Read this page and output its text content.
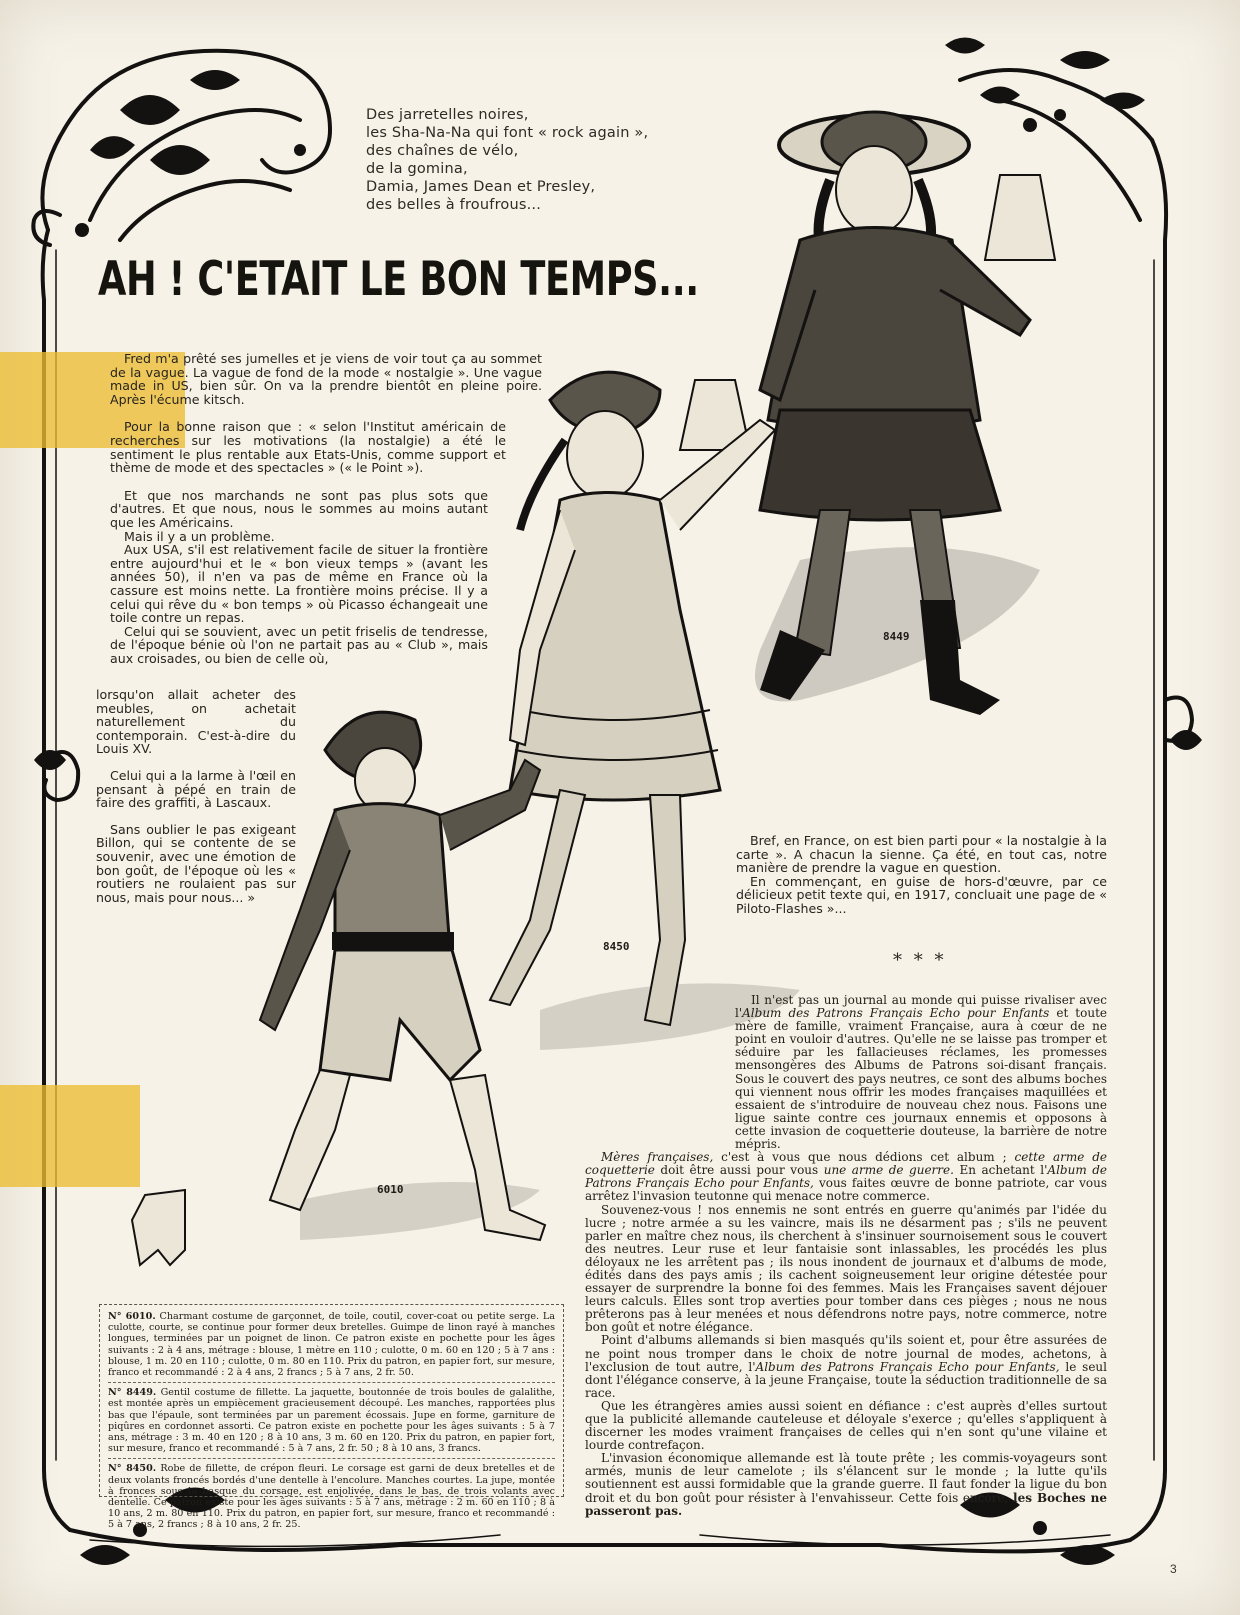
8449
8450
6010
Des jarretelles noires,
les Sha-Na-Na qui font « rock again »,
des chaînes de vélo,
de la gomina,
Damia, James Dean et Presley,
des belles à froufrous...
AH ! C'ETAIT LE BON TEMPS...

Fred m'a prêté ses jumelles et je viens de voir tout ça au sommet de la vague. La vague de fond de la mode « nostalgie ». Une vague made in US, bien sûr. On va la prendre bientôt en pleine poire. Après l'écume kitsch.

Pour la bonne raison que : « selon l'Institut américain de recherches sur les motivations (la nostalgie) a été le sentiment le plus rentable aux Etats-Unis, comme support et thème de mode et des spectacles » (« le Point »).

Et que nos marchands ne sont pas plus sots que d'autres. Et que nous, nous le sommes au moins autant que les Américains.

Mais il y a un problème.

Aux USA, s'il est relativement facile de situer la frontière entre aujourd'hui et le « bon vieux temps » (avant les années 50), il n'en va pas de même en France où la cassure est moins nette. La frontière moins précise. Il y a celui qui rêve du « bon temps » où Picasso échangeait une toile contre un repas.

Celui qui se souvient, avec un petit friselis de tendresse, de l'époque bénie où l'on ne partait pas au « Club », mais aux croisades, ou bien de celle où,

lorsqu'on allait acheter des meubles, on achetait naturellement du contemporain. C'est-à-dire du Louis XV.

Celui qui a la larme à l'œil en pensant à pépé en train de faire des graffiti, à Lascaux.

Sans oublier le pas exigeant Billon, qui se contente de se souvenir, avec une émotion de bon goût, de l'époque où les « routiers ne roulaient pas sur nous, mais pour nous... »

Bref, en France, on est bien parti pour « la nostalgie à la carte ». A chacun la sienne. Ça été, en tout cas, notre manière de prendre la vague en question.

En commençant, en guise de hors-d'œuvre, par ce délicieux petit texte qui, en 1917, concluait une page de « Piloto-Flashes »...

* * *

Il n'est pas un journal au monde qui puisse rivaliser avec l'Album des Patrons Français Echo pour Enfants et toute mère de famille, vraiment Française, aura à cœur de ne point en vouloir d'autres. Qu'elle ne se laisse pas tromper et séduire par les fallacieuses réclames, les promesses mensongères des Albums de Patrons soi-disant français. Sous le couvert des pays neutres, ce sont des albums boches qui viennent nous offrir les modes françaises maquillées et essaient de s'introduire de nouveau chez nous. Faisons une ligue sainte contre ces journaux ennemis et opposons à cette invasion de coquetterie douteuse, la barrière de notre mépris.

Mères françaises, c'est à vous que nous dédions cet album ; cette arme de coquetterie doit être aussi pour vous une arme de guerre. En achetant l'Album de Patrons Français Echo pour Enfants, vous faites œuvre de bonne patriote, car vous arrêtez l'invasion teutonne qui menace notre commerce.

Souvenez-vous ! nos ennemis ne sont entrés en guerre qu'animés par l'idée du lucre ; notre armée a su les vaincre, mais ils ne désarment pas ; s'ils ne peuvent parler en maître chez nous, ils cherchent à s'insinuer sournoisement sous le couvert des neutres. Leur ruse et leur fantaisie sont inlassables, les procédés les plus déloyaux ne les arrêtent pas ; ils nous inondent de journaux et d'albums de mode, édités dans des pays amis ; ils cachent soigneusement leur origine détestée pour essayer de surprendre la bonne foi des femmes. Mais les Françaises savent déjouer leurs calculs. Elles sont trop averties pour tomber dans ces pièges ; nous ne nous prêterons pas à leur menées et nous défendrons notre pays, notre commerce, notre bon goût et notre élégance.

Point d'albums allemands si bien masqués qu'ils soient et, pour être assurées de ne point nous tromper dans le choix de notre journal de modes, achetons, à l'exclusion de tout autre, l'Album des Patrons Français Echo pour Enfants, le seul dont l'élégance conserve, à la jeune Française, toute la séduction traditionnelle de sa race.

Que les étrangères amies aussi soient en défiance : c'est auprès d'elles surtout que la publicité allemande cauteleuse et déloyale s'exerce ; qu'elles s'appliquent à discerner les modes vraiment françaises de celles qui n'en sont qu'une vilaine et lourde contrefaçon.

L'invasion économique allemande est là toute prête ; les commis-voyageurs sont armés, munis de leur camelote ; ils s'élancent sur le monde ; la lutte qu'ils soutiennent est aussi formidable que la grande guerre. Il faut fonder la ligue du bon droit et du bon goût pour résister à l'envahisseur. Cette fois encore, les Boches ne passeront pas.

N° 6010. Charmant costume de garçonnet, de toile, coutil, cover-coat ou petite serge. La culotte, courte, se continue pour former deux bretelles. Guimpe de linon rayé à manches longues, terminées par un poignet de linon. Ce patron existe en pochette pour les âges suivants : 2 à 4 ans, métrage : blouse, 1 mètre en 110 ; culotte, 0 m. 60 en 120 ; 5 à 7 ans : blouse, 1 m. 20 en 110 ; culotte, 0 m. 80 en 110. Prix du patron, en papier fort, sur mesure, franco et recommandé : 2 à 4 ans, 2 francs ; 5 à 7 ans, 2 fr. 50.
N° 8449. Gentil costume de fillette. La jaquette, boutonnée de trois boules de galalithe, est montée après un empiècement gracieusement découpé. Les manches, rapportées plus bas que l'épaule, sont terminées par un parement écossais. Jupe en forme, garniture de piqûres en cordonnet assorti. Ce patron existe en pochette pour les âges suivants : 5 à 7 ans, métrage : 3 m. 40 en 120 ; 8 à 10 ans, 3 m. 60 en 120. Prix du patron, en papier fort, sur mesure, franco et recommandé : 5 à 7 ans, 2 fr. 50 ; 8 à 10 ans, 3 francs.
N° 8450. Robe de fillette, de crépon fleuri. Le corsage est garni de deux bretelles et de deux volants froncés bordés d'une dentelle à l'encolure. Manches courtes. La jupe, montée à fronces sous la basque du corsage, est enjolivée, dans le bas, de trois volants avec dentelle. Ce patron existe pour les âges suivants : 5 à 7 ans, métrage : 2 m. 60 en 110 ; 8 à 10 ans, 2 m. 80 en 110. Prix du patron, en papier fort, sur mesure, franco et recommandé : 5 à 7 ans, 2 francs ; 8 à 10 ans, 2 fr. 25.
3
